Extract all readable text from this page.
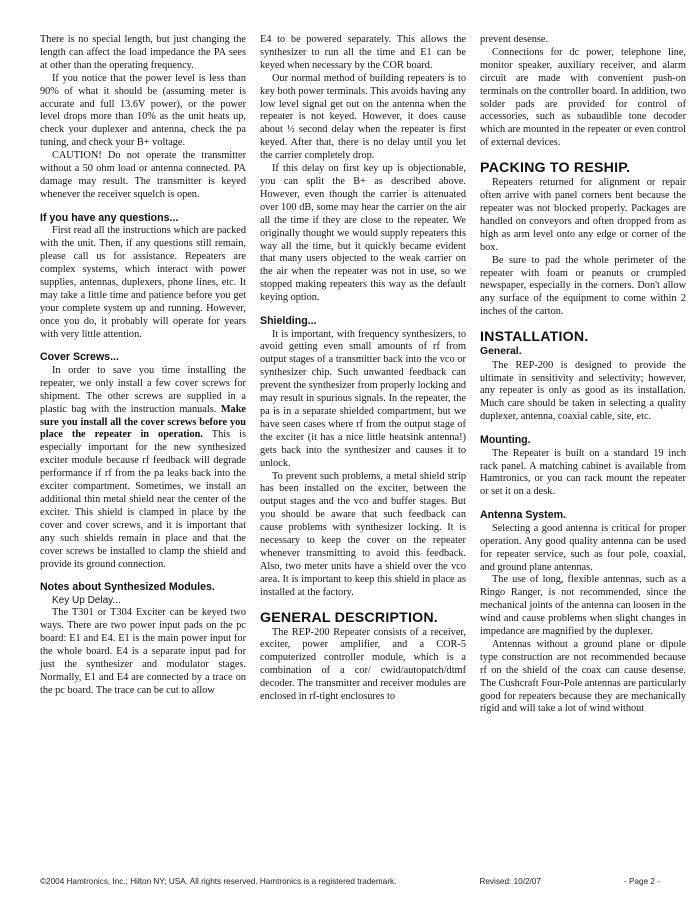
There is no special length, but just changing the length can affect the load impedance the PA sees at other than the operating frequency.

If you notice that the power level is less than 90% of what it should be (assuming meter is accurate and full 13.6V power), or the power level drops more than 10% as the unit heats up, check your duplexer and antenna, check the pa tuning, and check your B+ voltage.

CAUTION! Do not operate the transmitter without a 50 ohm load or antenna connected. PA damage may result. The transmitter is keyed whenever the receiver squelch is open.

If you have any questions...

First read all the instructions which are packed with the unit. Then, if any questions still remain, please call us for assistance. Repeaters are complex systems, which interact with power supplies, antennas, duplexers, phone lines, etc. It may take a little time and patience before you get your complete system up and running. However, once you do, it probably will operate for years with very little attention.

Cover Screws...

In order to save you time installing the repeater, we only install a few cover screws for shipment. The other screws are supplied in a plastic bag with the instruction manuals. Make sure you install all the cover screws before you place the repeater in operation. This is especially important for the new synthesized exciter module because rf feedback will degrade performance if rf from the pa leaks back into the exciter compartment. Sometimes, we install an additional thin metal shield near the center of the exciter. This shield is clamped in place by the cover and cover screws, and it is important that any such shields remain in place and that the cover screws be installed to clamp the shield and provide its ground connection.

Notes about Synthesized Modules.

Key Up Delay...

The T301 or T304 Exciter can be keyed two ways. There are two power input pads on the pc board: E1 and E4. E1 is the main power input for the whole board. E4 is a separate input pad for just the synthesizer and modulator stages. Normally, E1 and E4 are connected by a trace on the pc board. The trace can be cut to allow

E4 to be powered separately. This allows the synthesizer to run all the time and E1 can be keyed when necessary by the COR board.

Our normal method of building repeaters is to key both power terminals. This avoids having any low level signal get out on the antenna when the repeater is not keyed. However, it does cause about ½ second delay when the repeater is first keyed. After that, there is no delay until you let the carrier completely drop.

If this delay on first key up is objectionable, you can split the B+ as described above. However, even though the carrier is attenuated over 100 dB, some may hear the carrier on the air all the time if they are close to the repeater. We originally thought we would supply repeaters this way all the time, but it quickly became evident that many users objected to the weak carrier on the air when the repeater was not in use, so we stopped making repeaters this way as the default keying option.

Shielding...

It is important, with frequency synthesizers, to avoid getting even small amounts of rf from output stages of a transmitter back into the vco or synthesizer chip. Such unwanted feedback can prevent the synthesizer from properly locking and may result in spurious signals. In the repeater, the pa is in a separate shielded compartment, but we have seen cases where rf from the output stage of the exciter (it has a nice little heatsink antenna!) gets back into the synthesizer and causes it to unlock.

To prevent such problems, a metal shield strip has been installed on the exciter, between the output stages and the vco and buffer stages. But you should be aware that such feedback can cause problems with synthesizer locking. It is necessary to keep the cover on the repeater whenever transmitting to avoid this feedback. Also, two meter units have a shield over the vco area. It is important to keep this shield in place as installed at the factory.

GENERAL DESCRIPTION.

The REP-200 Repeater consists of a receiver, exciter, power amplifier, and a COR-5 computerized controller module, which is a combination of a cor/ cwid/autopatch/dtmf decoder. The transmitter and receiver modules are enclosed in rf-tight enclosures to

prevent desense.

Connections for dc power, telephone line, monitor speaker, auxiliary receiver, and alarm circuit are made with convenient push-on terminals on the controller board. In addition, two solder pads are provided for control of accessories, such as subaudible tone decoder which are mounted in the repeater or even control of external devices.

PACKING TO RESHIP.

Repeaters returned for alignment or repair often arrive with panel corners bent because the repeater was not blocked properly. Packages are handled on conveyors and often dropped from as high as arm level onto any edge or corner of the box.

Be sure to pad the whole perimeter of the repeater with foam or peanuts or crumpled newspaper, especially in the corners. Don't allow any surface of the equipment to come within 2 inches of the carton.

INSTALLATION.
General.

The REP-200 is designed to provide the ultimate in sensitivity and selectivity; however, any repeater is only as good as its installation. Much care should be taken in selecting a quality duplexer, antenna, coaxial cable, site, etc.

Mounting.

The Repeater is built on a standard 19 inch rack panel. A matching cabinet is available from Hamtronics, or you can rack mount the repeater or set it on a desk.

Antenna System.

Selecting a good antenna is critical for proper operation. Any good quality antenna can be used for repeater service, such as four pole, coaxial, and ground plane antennas.

The use of long, flexible antennas, such as a Ringo Ranger, is not recommended, since the mechanical joints of the antenna can loosen in the wind and cause problems when slight changes in impedance are magnified by the duplexer.

Antennas without a ground plane or dipole type construction are not recommended because rf on the shield of the coax can cause desense. The Cushcraft Four-Pole antennas are particularly good for repeaters because they are mechanically rigid and will take a lot of wind without

©2004 Hamtronics, Inc.; Hilton NY; USA. All rights reserved. Hamtronics is a registered trademark.	Revised: 10/2/07	- Page 2 -
